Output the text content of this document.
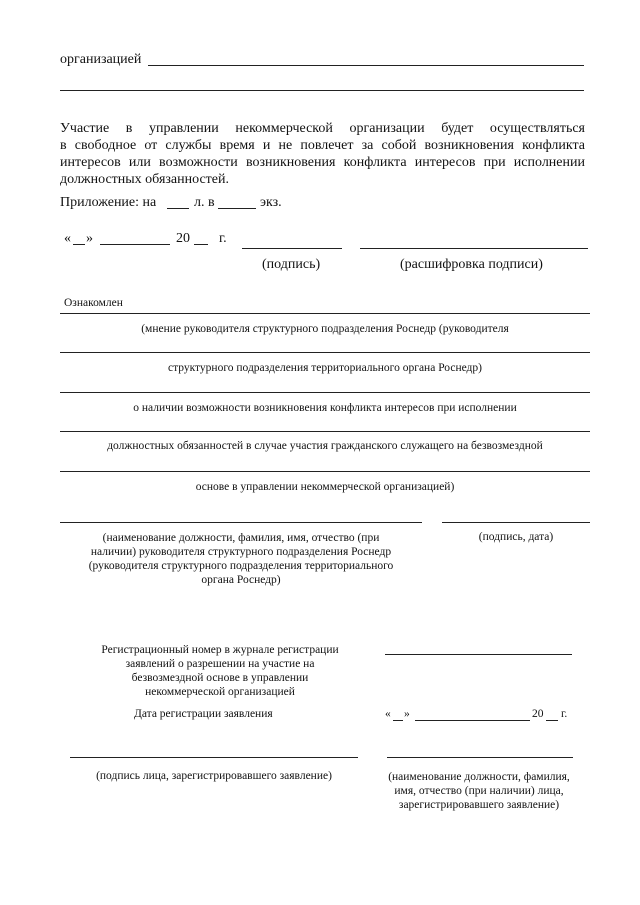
организацией
Участие в управлении некоммерческой организации будет осуществляться
в свободное от службы время и не повлечет за собой возникновения конфликта
интересов или возможности возникновения конфликта интересов при исполнении
должностных обязанностей.
Приложение: на	л. в	экз.
« »	20 г.
(подпись)	(расшифровка подписи)
Ознакомлен
(мнение руководителя структурного подразделения Роснедр (руководителя
структурного подразделения территориального органа Роснедр)
о наличии возможности возникновения конфликта интересов при исполнении
должностных обязанностей в случае участия гражданского служащего на безвозмездной
основе в управлении некоммерческой организацией)
(наименование должности, фамилия, имя, отчество (при
наличии) руководителя структурного подразделения Роснедр
(руководителя структурного подразделения территориального
органа Роснедр)
(подпись, дата)
Регистрационный номер в журнале регистрации
заявлений о разрешении на участие на
безвозмездной основе в управлении
некоммерческой организацией
Дата регистрации заявления	« »	20 г.
(подпись лица, зарегистрировавшего заявление)	(наименование должности, фамилия,
имя, отчество (при наличии) лица,
зарегистрировавшего заявление)
